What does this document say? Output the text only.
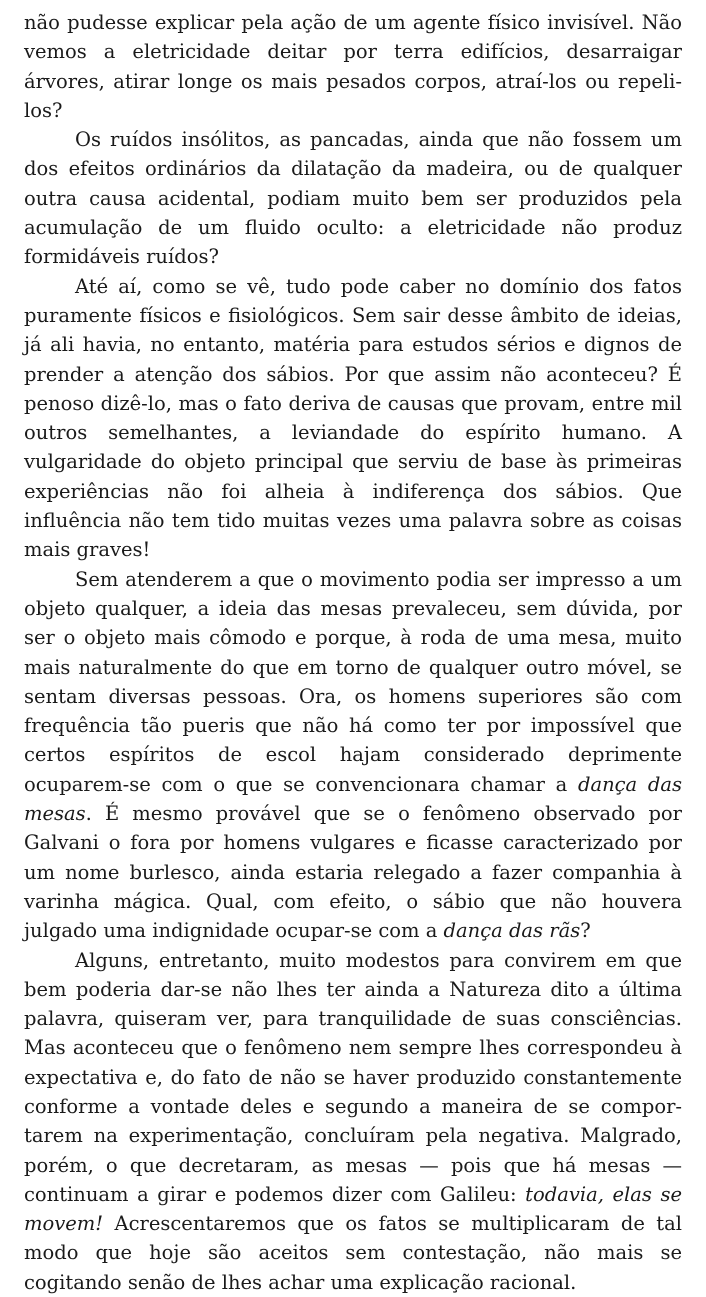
não pudesse explicar pela ação de um agente físico invisível. Não vemos a eletricidade deitar por terra edifícios, desarraigar árvores, atirar longe os mais pesados corpos, atraí-los ou repeli-los?

Os ruídos insólitos, as pancadas, ainda que não fossem um dos efeitos ordinários da dilatação da madeira, ou de qualquer outra causa acidental, podiam muito bem ser produzidos pela acumulação de um fluido oculto: a eletricidade não produz formidáveis ruídos?

Até aí, como se vê, tudo pode caber no domínio dos fatos puramente físicos e fisiológicos. Sem sair desse âmbito de ideias, já ali havia, no entanto, matéria para estudos sérios e dignos de prender a atenção dos sábios. Por que assim não aconteceu? É penoso dizê-lo, mas o fato deriva de causas que provam, entre mil outros semelhantes, a leviandade do espírito humano. A vulgaridade do objeto principal que serviu de base às primeiras experiências não foi alheia à indiferença dos sábios. Que influência não tem tido muitas vezes uma palavra sobre as coisas mais graves!

Sem atenderem a que o movimento podia ser impresso a um objeto qualquer, a ideia das mesas prevaleceu, sem dúvida, por ser o objeto mais cômodo e porque, à roda de uma mesa, muito mais naturalmente do que em torno de qualquer outro móvel, se sentam diversas pessoas. Ora, os homens superiores são com frequência tão pueris que não há como ter por impossível que certos espíritos de escol hajam considerado deprimente ocuparem-se com o que se convencionara chamar a dança das mesas. É mesmo provável que se o fenômeno observado por Galvani o fora por homens vulgares e ficasse caracterizado por um nome burlesco, ainda estaria relegado a fazer companhia à varinha mágica. Qual, com efeito, o sábio que não houvera julgado uma indignidade ocupar-se com a dança das rãs?

Alguns, entretanto, muito modestos para convirem em que bem poderia dar-se não lhes ter ainda a Natureza dito a última palavra, quiseram ver, para tranquilidade de suas consciências. Mas aconteceu que o fenômeno nem sempre lhes correspondeu à expectativa e, do fato de não se haver produzido constantemente conforme a vontade deles e segundo a maneira de se comportarem na experimentação, concluíram pela negativa. Malgrado, porém, o que decretaram, as mesas — pois que há mesas — continuam a girar e podemos dizer com Galileu: todavia, elas se movem! Acrescentaremos que os fatos se multiplicaram de tal modo que hoje são aceitos sem contestação, não mais se cogitando senão de lhes achar uma explicação racional.
